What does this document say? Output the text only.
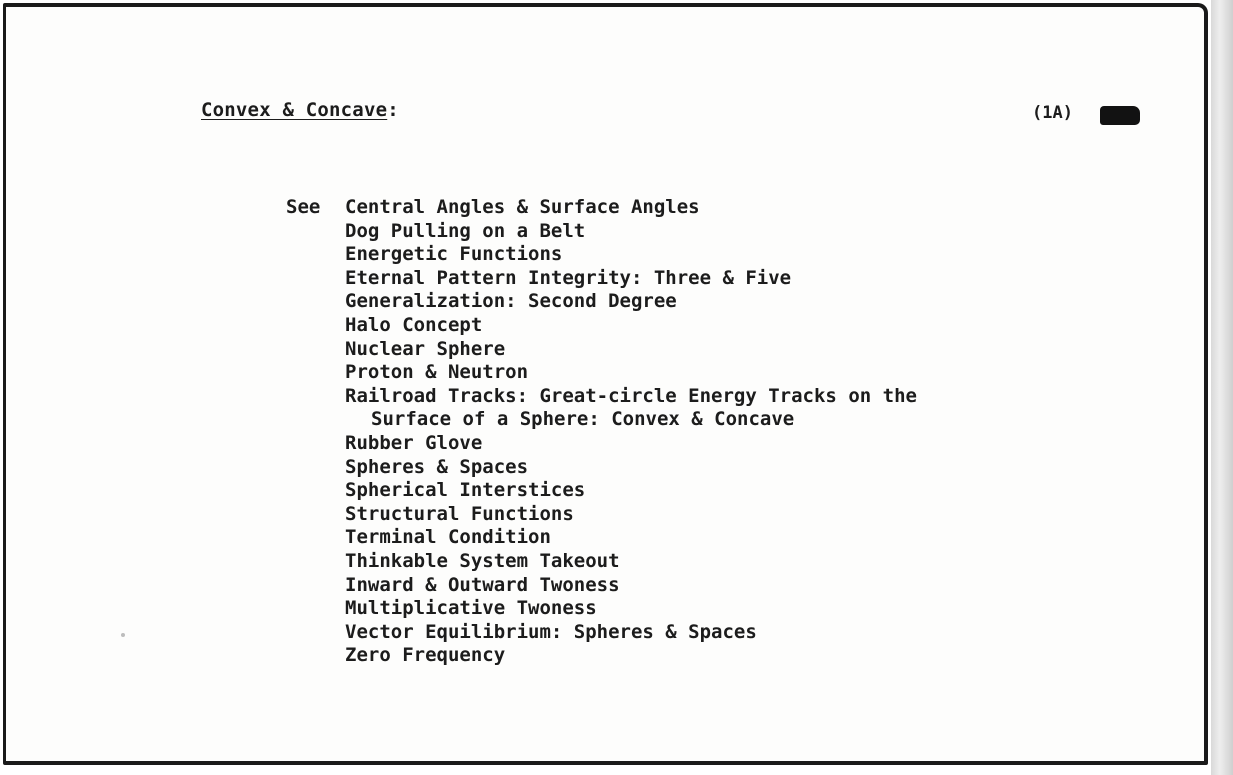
Convex & Concave:	(1A)
See Central Angles & Surface Angles
Dog Pulling on a Belt
Energetic Functions
Eternal Pattern Integrity: Three & Five
Generalization: Second Degree
Halo Concept
Nuclear Sphere
Proton & Neutron
Railroad Tracks: Great-circle Energy Tracks on the
Surface of a Sphere: Convex & Concave
Rubber Glove
Spheres & Spaces
Spherical Interstices
Structural Functions
Terminal Condition
Thinkable System Takeout
Inward & Outward Twoness
Multiplicative Twoness
Vector Equilibrium: Spheres & Spaces
Zero Frequency
